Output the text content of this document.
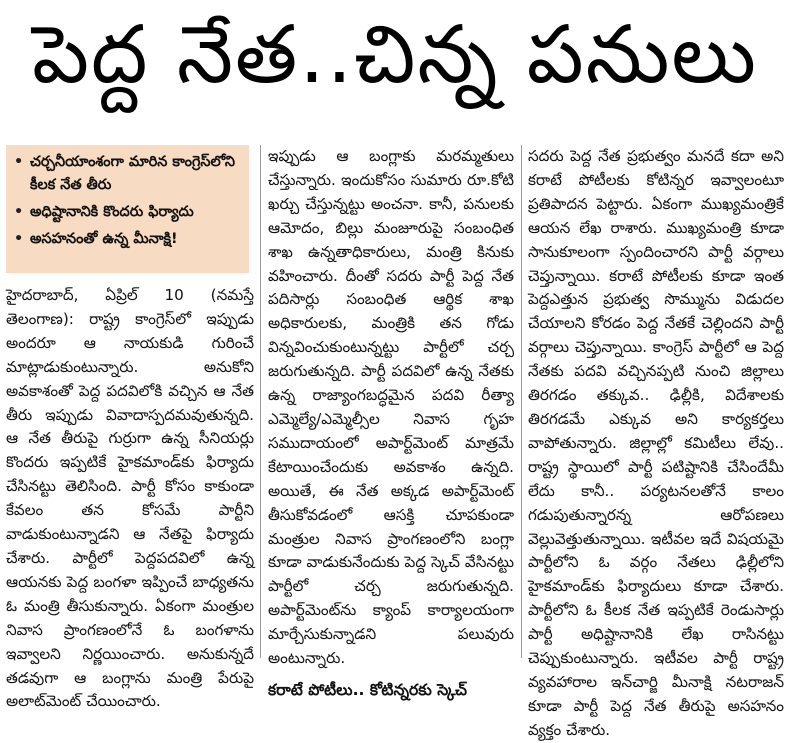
పెద్ద నేత..చిన్న పనులు
• చర్చనీయాంశంగా మారిన కాంగ్రెస్‌లోని కీలక నేత తీరు
• అధిష్టానానికి కొందరు ఫిర్యాదు
• అసహనంతో ఉన్న మీనాక్షి!

హైదరాబాద్, ఏప్రిల్ 10 (నమస్తే తెలంగాణ): రాష్ట్ర కాంగ్రెస్‌లో ఇప్పుడు అందరూ ఆ నాయకుడి గురించే మాట్లాడుకుంటున్నారు. అనుకోని అవకాశంతో పెద్ద పదవిలోకి వచ్చిన ఆ నేత తీరు ఇప్పుడు వివాదాస్పదమవుతున్నది. ఆ నేత తీరుపై గుర్రుగా ఉన్న సీనియర్లు కొందరు ఇప్పటికే హైకమాండ్‌కు ఫిర్యాదు చేసినట్టు తెలిసింది. పార్టీ కోసం కాకుండా కేవలం తన కోసమే పార్టీని వాడుకుంటున్నాడని ఆ నేతపై ఫిర్యాదు చేశారు. పార్టీలో పెద్దపదవిలో ఉన్న ఆయనకు పెద్ద బంగళా ఇప్పించే బాధ్యతను ఓ మంత్రి తీసుకున్నారు. ఏకంగా మంత్రుల నివాస ప్రాంగణంలోనే ఓ బంగళాను ఇవ్వాలని నిర్ణయించారు. అనుకున్నదే తడవుగా ఆ బంగ్లాను మంత్రి పేరుపై అలాట్‌మెంట్ చేయించారు.

ఇప్పుడు ఆ బంగ్లాకు మరమ్మతులు చేస్తున్నారు. ఇందుకోసం సుమారు రూ.కోటి ఖర్చు చేస్తున్నట్టు అంచనా. కానీ, పనులకు ఆమోదం, బిల్లు మంజూరుపై సంబంధిత శాఖ ఉన్నతాధికారులు, మంత్రి కినుకు వహించారు. దీంతో సదరు పార్టీ పెద్ద నేత పదిసార్లు సంబంధిత ఆర్థిక శాఖ అధికారులకు, మంత్రికి తన గోడు విన్నవించుకుంటున్నట్టు పార్టీలో చర్చ జరుగుతున్నది. పార్టీ పదవిలో ఉన్న నేతకు ఉన్న రాజ్యాంగబద్ధమైన పదవి రీత్యా ఎమ్మెల్యే/ఎమ్మెల్సీల నివాస గృహ సముదాయంలో అపార్ట్‌మెంట్ మాత్రమే కేటాయించేందుకు అవకాశం ఉన్నది. అయితే, ఈ నేత అక్కడ అపార్ట్‌మెంట్ తీసుకోవడంలో ఆసక్తి చూపకుండా మంత్రుల నివాస ప్రాంగణంలోని బంగ్లా కూడా వాడుకునేందుకు పెద్ద స్కెచ్ వేసినట్టు పార్టీలో చర్చ జరుగుతున్నది. అపార్ట్‌మెంట్‌ను క్యాంప్ కార్యాలయంగా మార్చేసుకున్నాడని పలువురు అంటున్నారు.

కరాటే పోటీలు.. కోటిన్నరకు స్కెచ్

సదరు పెద్ద నేత ప్రభుత్వం మనదే కదా అని కరాటే పోటీలకు కోటిన్నర ఇవ్వాలంటూ ప్రతిపాదన పెట్టారు. ఏకంగా ముఖ్యమంత్రికే ఆయన లేఖ రాశారు. ముఖ్యమంత్రి కూడా సానుకూలంగా స్పందించారని పార్టీ వర్గాలు చెప్తున్నాయి. కరాటే పోటీలకు కూడా ఇంత పెద్దఎత్తున ప్రభుత్వ సొమ్మును విడుదల చేయాలని కోరడం పెద్ద నేతకే చెల్లిందని పార్టీ వర్గాలు చెప్తున్నాయి. కాంగ్రెస్ పార్టీలో ఆ పెద్ద నేతకు పదవి వచ్చినప్పటి నుంచి జిల్లాలు తిరగడం తక్కువ.. ఢిల్లీకి, విదేశాలకు తిరగడమే ఎక్కువ అని కార్యకర్తలు వాపోతున్నారు. జిల్లాల్లో కమిటీలు లేవు.. రాష్ట్ర స్థాయిలో పార్టీ పటిష్టానికి చేసిందేమీ లేదు కానీ.. పర్యటనలతోనే కాలం గడుపుతున్నారన్న ఆరోపణలు వెల్లువెత్తుతున్నాయి. ఇటీవల ఇదే విషయమై పార్టీలోని ఓ వర్గం నేతలు ఢిల్లీలోని హైకమాండ్‌కు ఫిర్యాదులు కూడా చేశారు. పార్టీలోని ఓ కీలక నేత ఇప్పటికే రెండుసార్లు పార్టీ అధిష్టానానికి లేఖ రాసినట్టు చెప్పుకుంటున్నారు. ఇటీవల పార్టీ రాష్ట్ర వ్యవహారాల ఇన్‌చార్జి మీనాక్షి నటరాజన్ కూడా పార్టీ పెద్ద నేత తీరుపై అసహనం వ్యక్తం చేశారు.
